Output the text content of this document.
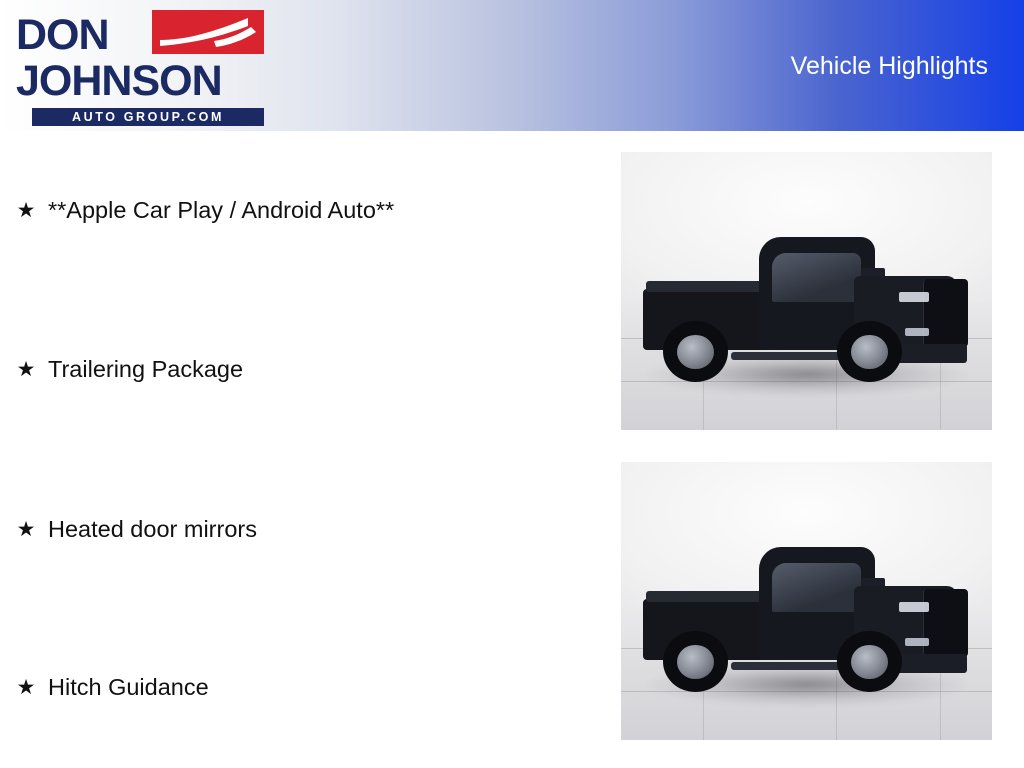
DON
JOHNSON
AUTO GROUP.COM
Vehicle Highlights
★ **Apple Car Play / Android Auto**
★ Trailering Package
★ Heated door mirrors
★ Hitch Guidance
